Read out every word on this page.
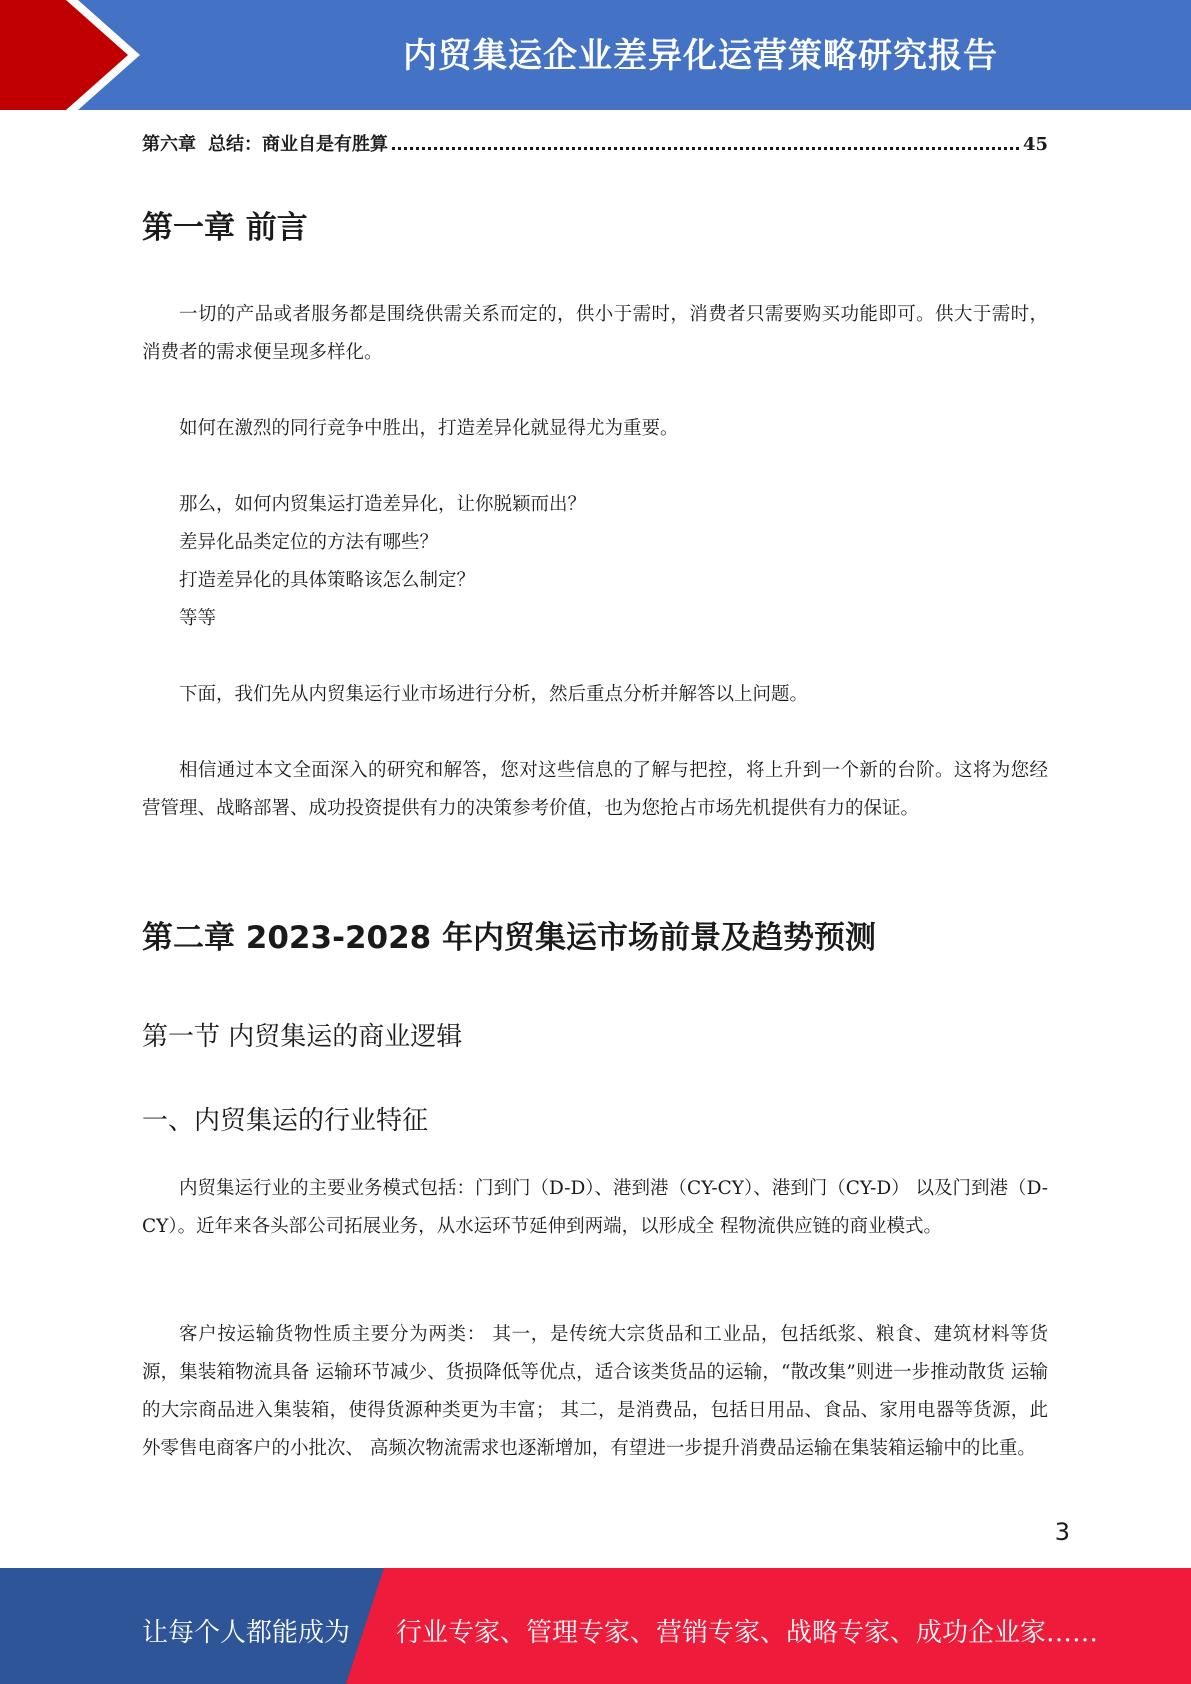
内贸集运企业差异化运营策略研究报告
第六章 总结：商业自是有胜算	45
第一章 前言

一切的产品或者服务都是围绕供需关系而定的，供小于需时，消费者只需要购买功能即可。供大于需时，消费者的需求便呈现多样化。

如何在激烈的同行竞争中胜出，打造差异化就显得尤为重要。

那么，如何内贸集运打造差异化，让你脱颖而出？
差异化品类定位的方法有哪些？
打造差异化的具体策略该怎么制定？
等等

下面，我们先从内贸集运行业市场进行分析，然后重点分析并解答以上问题。

相信通过本文全面深入的研究和解答，您对这些信息的了解与把控，将上升到一个新的台阶。这将为您经营管理、战略部署、成功投资提供有力的决策参考价值，也为您抢占市场先机提供有力的保证。

第二章 2023-2028 年内贸集运市场前景及趋势预测
第一节 内贸集运的商业逻辑
一、内贸集运的行业特征

内贸集运行业的主要业务模式包括：门到门（D-D）、港到港（CY-CY）、港到门（CY-D） 以及门到港（D-CY）。近年来各头部公司拓展业务，从水运环节延伸到两端，以形成全 程物流供应链的商业模式。

客户按运输货物性质主要分为两类： 其一，是传统大宗货品和工业品，包括纸浆、粮食、建筑材料等货源，集装箱物流具备 运输环节减少、货损降低等优点，适合该类货品的运输，“散改集”则进一步推动散货 运输的大宗商品进入集装箱，使得货源种类更为丰富； 其二，是消费品，包括日用品、食品、家用电器等货源，此外零售电商客户的小批次、 高频次物流需求也逐渐增加，有望进一步提升消费品运输在集装箱运输中的比重。

3
让每个人都能成为 行业专家、管理专家、营销专家、战略专家、成功企业家……
